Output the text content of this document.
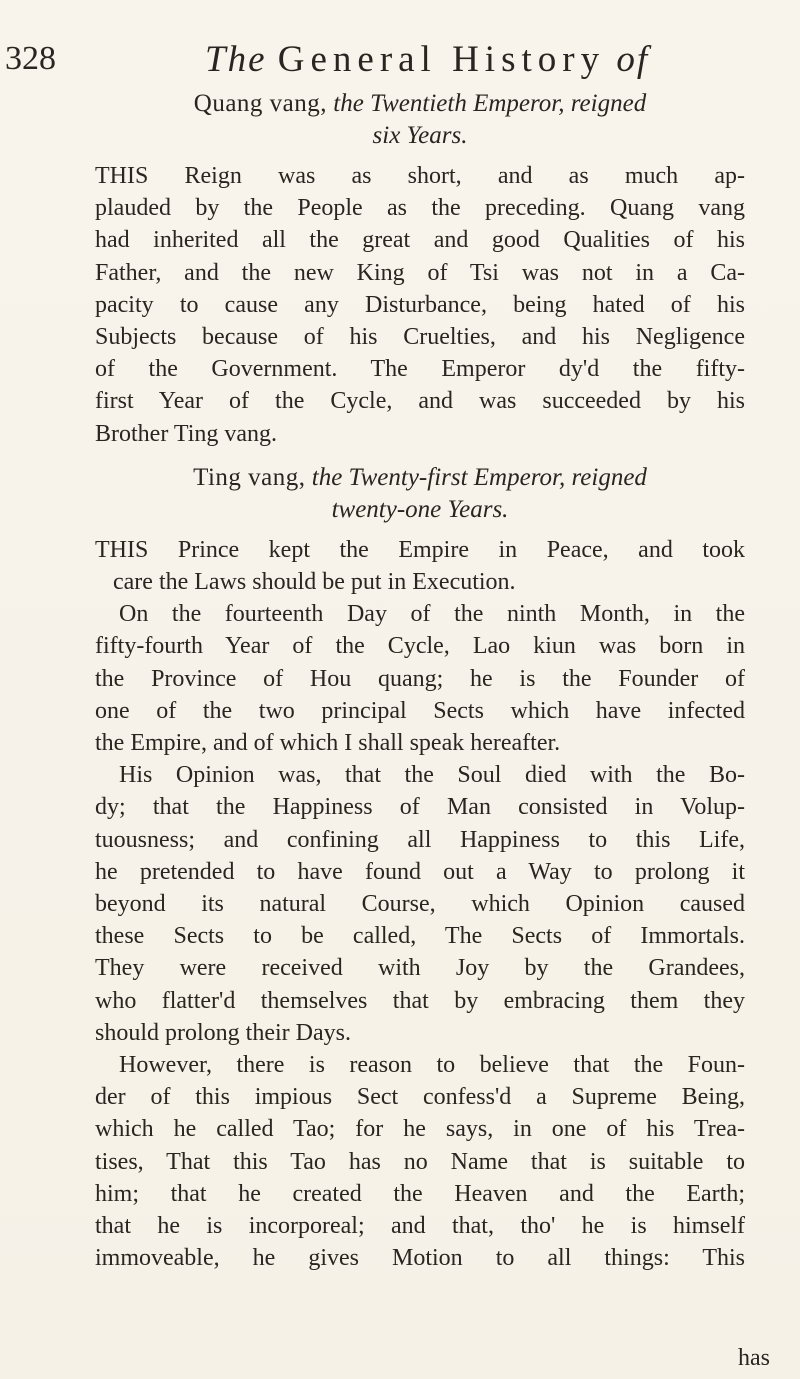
328	The General History of

Quang vang, the Twentieth Emperor, reigned

six Years.

THIS Reign was as short, and as much ap-
plauded by the People as the preceding. Quang vang
had inherited all the great and good Qualities of his
Father, and the new King of Tsi was not in a Ca-
pacity to cause any Disturbance, being hated of his
Subjects because of his Cruelties, and his Negligence
of the Government. The Emperor dy'd the fifty-
first Year of the Cycle, and was succeeded by his
Brother Ting vang.

Ting vang, the Twenty-first Emperor, reigned

twenty-one Years.

THIS Prince kept the Empire in Peace, and took
care the Laws should be put in Execution.
On the fourteenth Day of the ninth Month, in the
fifty-fourth Year of the Cycle, Lao kiun was born in
the Province of Hou quang; he is the Founder of
one of the two principal Sects which have infected
the Empire, and of which I shall speak hereafter.
His Opinion was, that the Soul died with the Bo-
dy; that the Happiness of Man consisted in Volup-
tuousness; and confining all Happiness to this Life,
he pretended to have found out a Way to prolong it
beyond its natural Course, which Opinion caused
these Sects to be called, The Sects of Immortals.
They were received with Joy by the Grandees,
who flatter'd themselves that by embracing them they
should prolong their Days.
However, there is reason to believe that the Foun-
der of this impious Sect confess'd a Supreme Being,
which he called Tao; for he says, in one of his Trea-
tises, That this Tao has no Name that is suitable to
him; that he created the Heaven and the Earth;
that he is incorporeal; and that, tho' he is himself
immoveable, he gives Motion to all things: This
has
